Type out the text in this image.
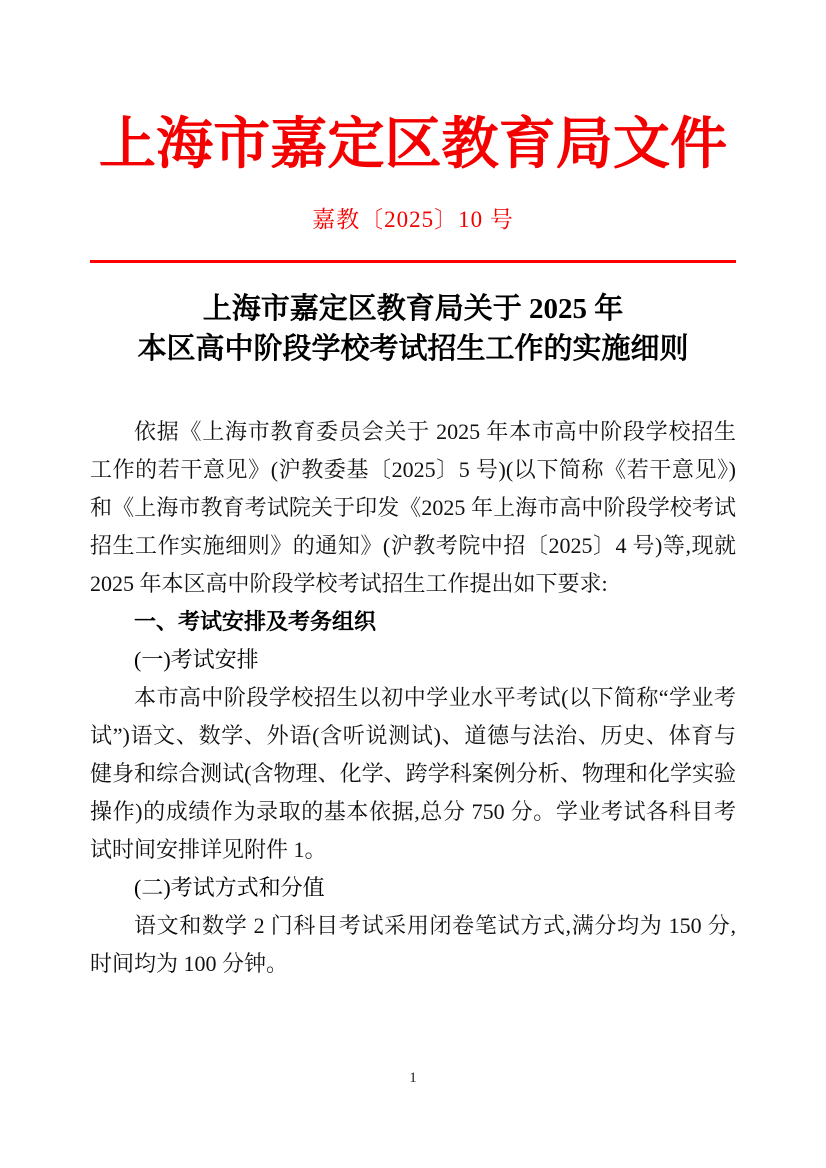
上海市嘉定区教育局文件
嘉教〔2025〕10 号
上海市嘉定区教育局关于 2025 年
本区高中阶段学校考试招生工作的实施细则

依据《上海市教育委员会关于 2025 年本市高中阶段学校招生工作的若干意见》(沪教委基〔2025〕5 号)(以下简称《若干意见》)和《上海市教育考试院关于印发《2025 年上海市高中阶段学校考试招生工作实施细则》的通知》(沪教考院中招〔2025〕4 号)等,现就 2025 年本区高中阶段学校考试招生工作提出如下要求:

一、考试安排及考务组织

(一)考试安排

本市高中阶段学校招生以初中学业水平考试(以下简称“学业考试”)语文、数学、外语(含听说测试)、道德与法治、历史、体育与健身和综合测试(含物理、化学、跨学科案例分析、物理和化学实验操作)的成绩作为录取的基本依据,总分 750 分。学业考试各科目考试时间安排详见附件 1。

(二)考试方式和分值

语文和数学 2 门科目考试采用闭卷笔试方式,满分均为 150 分,时间均为 100 分钟。

1
